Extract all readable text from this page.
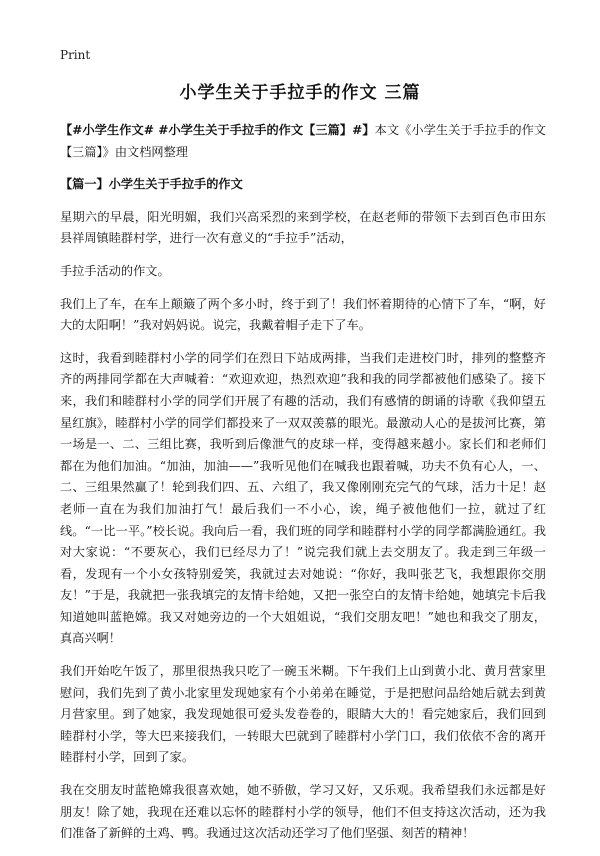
Print
小学生关于手拉手的作文 三篇

【#小学生作文# #小学生关于手拉手的作文【三篇】#】本文《小学生关于手拉手的作文【三篇】》由文档网整理

【篇一】小学生关于手拉手的作文

星期六的早晨，阳光明媚，我们兴高采烈的来到学校，在赵老师的带领下去到百色市田东县祥周镇睦群村学，进行一次有意义的“手拉手”活动，

手拉手活动的作文。

我们上了车，在车上颠簸了两个多小时，终于到了！我们怀着期待的心情下了车，“啊，好大的太阳啊！”我对妈妈说。说完，我戴着帽子走下了车。

这时，我看到睦群村小学的同学们在烈日下站成两排，当我们走进校门时，排列的整整齐齐的两排同学都在大声喊着：“欢迎欢迎，热烈欢迎”我和我的同学都被他们感染了。接下来，我们和睦群村小学的同学们开展了有趣的活动，我们有感情的朗诵的诗歌《我仰望五星红旗》，睦群村小学的同学们都投来了一双双羡慕的眼光。最激动人心的是拔河比赛，第一场是一、二、三组比赛，我听到后像泄气的皮球一样，变得越来越小。家长们和老师们都在为他们加油。“加油，加油——”我听见他们在喊我也跟着喊，功夫不负有心人，一、二、三组果然赢了！轮到我们四、五、六组了，我又像刚刚充完气的气球，活力十足！赵老师一直在为我们加油打气！最后我们一不小心，诶，绳子被他他们一拉，就过了红线。“一比一平。”校长说。我向后一看，我们班的同学和睦群村小学的同学都满脸通红。我对大家说：“不要灰心，我们已经尽力了！”说完我们就上去交朋友了。我走到三年级一看，发现有一个小女孩特别爱笑，我就过去对她说：“你好，我叫张艺飞，我想跟你交朋友！”于是，我就把一张我填完的友情卡给她，又把一张空白的友情卡给她，她填完卡后我知道她叫蓝艳嫦。我又对她旁边的一个大姐姐说，“我们交朋友吧！”她也和我交了朋友，真高兴啊！

我们开始吃午饭了，那里很热我只吃了一碗玉米糊。下午我们上山到黄小北、黄月营家里慰问，我们先到了黄小北家里发现她家有个小弟弟在睡觉，于是把慰问品给她后就去到黄月营家里。到了她家，我发现她很可爱头发卷卷的，眼睛大大的！看完她家后，我们回到睦群村小学，等大巴来接我们，一转眼大巴就到了睦群村小学门口，我们依依不舍的离开睦群村小学，回到了家。

我在交朋友时蓝艳嫦我很喜欢她，她不骄傲，学习又好，又乐观。我希望我们永远都是好朋友！除了她，我现在还难以忘怀的睦群村小学的领导，他们不但支持这次活动，还为我们准备了新鲜的土鸡、鸭。我通过这次活动还学习了他们坚强、刻苦的精神！
